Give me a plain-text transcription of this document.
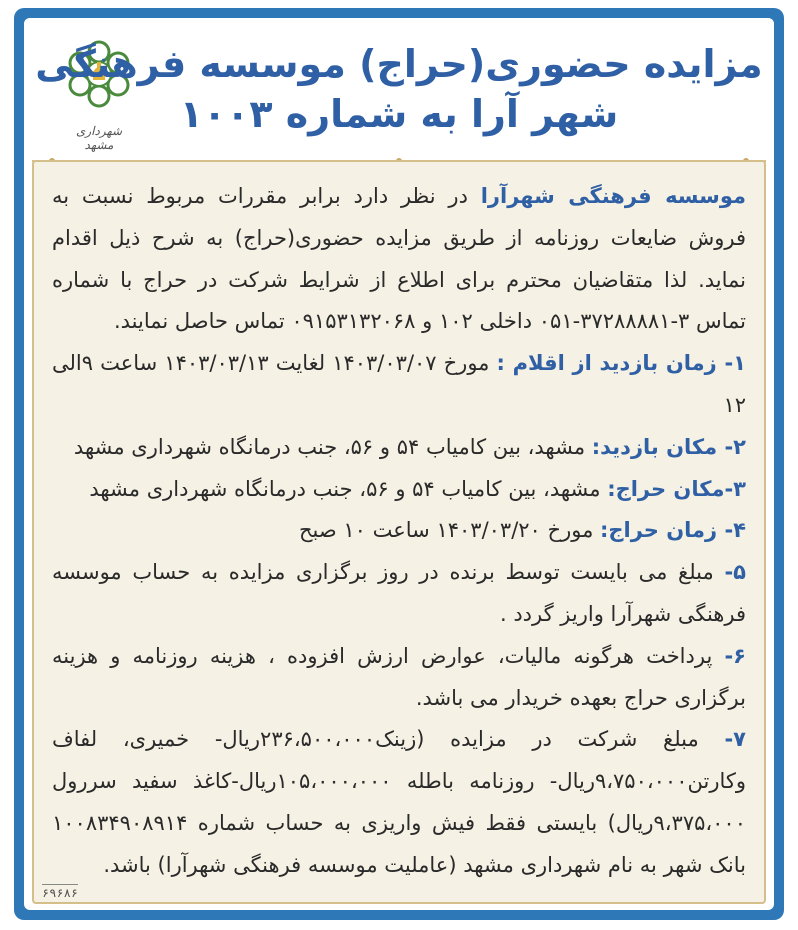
شهرداری مشهد
مزایده حضوری(حراج) موسسه فرهنگی
شهر آرا به شماره ۱۰۰۳

موسسه فرهنگی شهرآرا در نظر دارد برابر مقررات مربوط نسبت به فروش ضایعات روزنامه از طریق مزایده حضوری(حراج) به شرح ذیل اقدام نماید. لذا متقاضیان محترم برای اطلاع از شرایط شرکت در حراج با شماره تماس ۳-۳۷۲۸۸۸۸۱-۰۵۱ داخلی ۱۰۲ و ۰۹۱۵۳۱۳۲۰۶۸ تماس حاصل نمایند.

۱- زمان بازدید از اقلام : مورخ ۱۴۰۳/۰۳/۰۷ لغایت ۱۴۰۳/۰۳/۱۳ ساعت ۹الی ۱۲

۲- مکان بازدید: مشهد، بین کامیاب ۵۴ و ۵۶، جنب درمانگاه شهرداری مشهد

۳-مکان حراج: مشهد، بین کامیاب ۵۴ و ۵۶، جنب درمانگاه شهرداری مشهد

۴- زمان حراج: مورخ ۱۴۰۳/۰۳/۲۰ ساعت ۱۰ صبح

۵- مبلغ می بایست توسط برنده در روز برگزاری مزایده به حساب موسسه فرهنگی شهرآرا واریز گردد .

۶- پرداخت هرگونه مالیات، عوارض ارزش افزوده ، هزینه روزنامه و هزینه برگزاری حراج بعهده خریدار می باشد.

۷- مبلغ شرکت در مزایده (زینک۲۳۶،۵۰۰،۰۰۰ریال- خمیری، لفاف وکارتن۹،۷۵۰،۰۰۰ریال- روزنامه باطله ۱۰۵،۰۰۰،۰۰۰ریال-کاغذ سفید سررول ۹،۳۷۵،۰۰۰ریال) بایستی فقط فیش واریزی به حساب شماره ۱۰۰۸۳۴۹۰۸۹۱۴ بانک شهر به نام شهرداری مشهد (عاملیت موسسه فرهنگی شهرآرا) باشد.

۶۹۶۸۶
